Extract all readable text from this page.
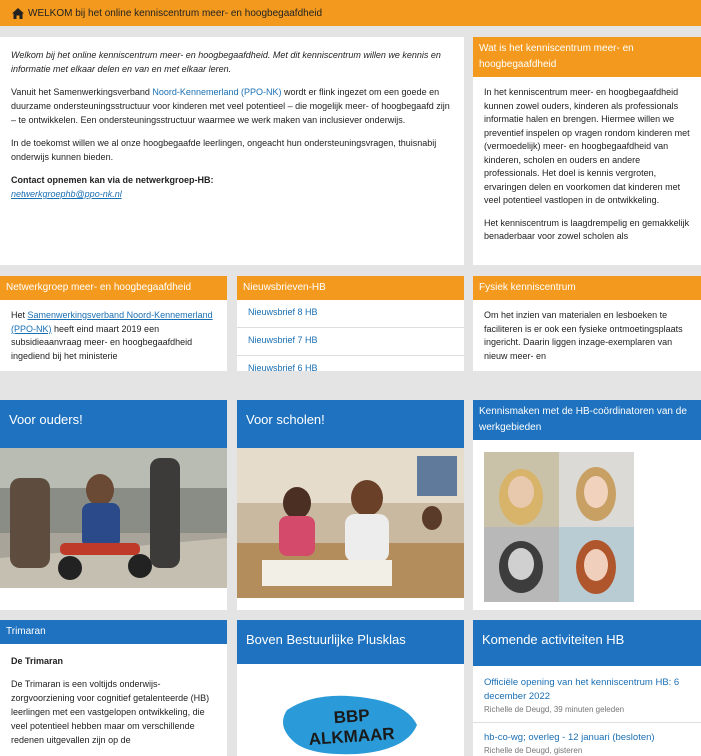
WELKOM bij het online kenniscentrum meer- en hoogbegaafdheid

Welkom bij het online kenniscentrum meer- en hoogbegaafdheid. Met dit kenniscentrum willen we kennis en informatie met elkaar delen en van en met elkaar leren.

Vanuit het Samenwerkingsverband Noord-Kennemerland (PPO-NK) wordt er flink ingezet om een goede en duurzame ondersteuningsstructuur voor kinderen met veel potentieel – die mogelijk meer- of hoogbegaafd zijn – te ontwikkelen. Een ondersteuningsstructuur waarmee we werk maken van inclusiever onderwijs.

In de toekomst willen we al onze hoogbegaafde leerlingen, ongeacht hun ondersteuningsvragen, thuisnabij onderwijs kunnen bieden.

Contact opnemen kan via de netwerkgroep-HB:
netwerkgroephb@ppo-nk.nl

Wat is het kenniscentrum meer- en hoogbegaafdheid

In het kenniscentrum meer- en hoogbegaafdheid kunnen zowel ouders, kinderen als professionals informatie halen en brengen. Hiermee willen we preventief inspelen op vragen rondom kinderen met (vermoedelijk) meer- en hoogbegaafdheid van kinderen, scholen en ouders en andere professionals. Het doel is kennis vergroten, ervaringen delen en voorkomen dat kinderen met veel potentieel vastlopen in de ontwikkeling.

Het kenniscentrum is laagdrempelig en gemakkelijk benaderbaar voor zowel scholen als

Netwerkgroep meer- en hoogbegaafdheid
Het Samenwerkingsverband Noord-Kennemerland (PPO-NK) heeft eind maart 2019 een subsidieaanvraag meer- en hoogbegaafdheid ingediend bij het ministerie
Nieuwsbrieven-HB
Nieuwsbrief 8 HB
Nieuwsbrief 7 HB
Nieuwsbrief 6 HB
Fysiek kenniscentrum
Om het inzien van materialen en lesboeken te faciliteren is er ook een fysieke ontmoetingsplaats ingericht. Daarin liggen inzage-exemplaren van nieuw meer- en
Voor ouders!	Voor scholen!
Kennismaken met de HB-coördinatoren van de werkgebieden
Trimaran

De Trimaran

De Trimaran is een voltijds onderwijs-zorgvoorziening voor cognitief getalenteerde (HB) leerlingen met een vastgelopen ontwikkeling, die veel potentieel hebben maar om verschillende redenen uitgevallen zijn op de

Boven Bestuurlijke Plusklas
BBP
ALKMAAR
Komende activiteiten HB
Officiële opening van het kenniscentrum HB: 6 december 2022
Richelle de Deugd, 39 minuten geleden
hb-co-wg; overleg - 12 januari (besloten)
Richelle de Deugd, gisteren
